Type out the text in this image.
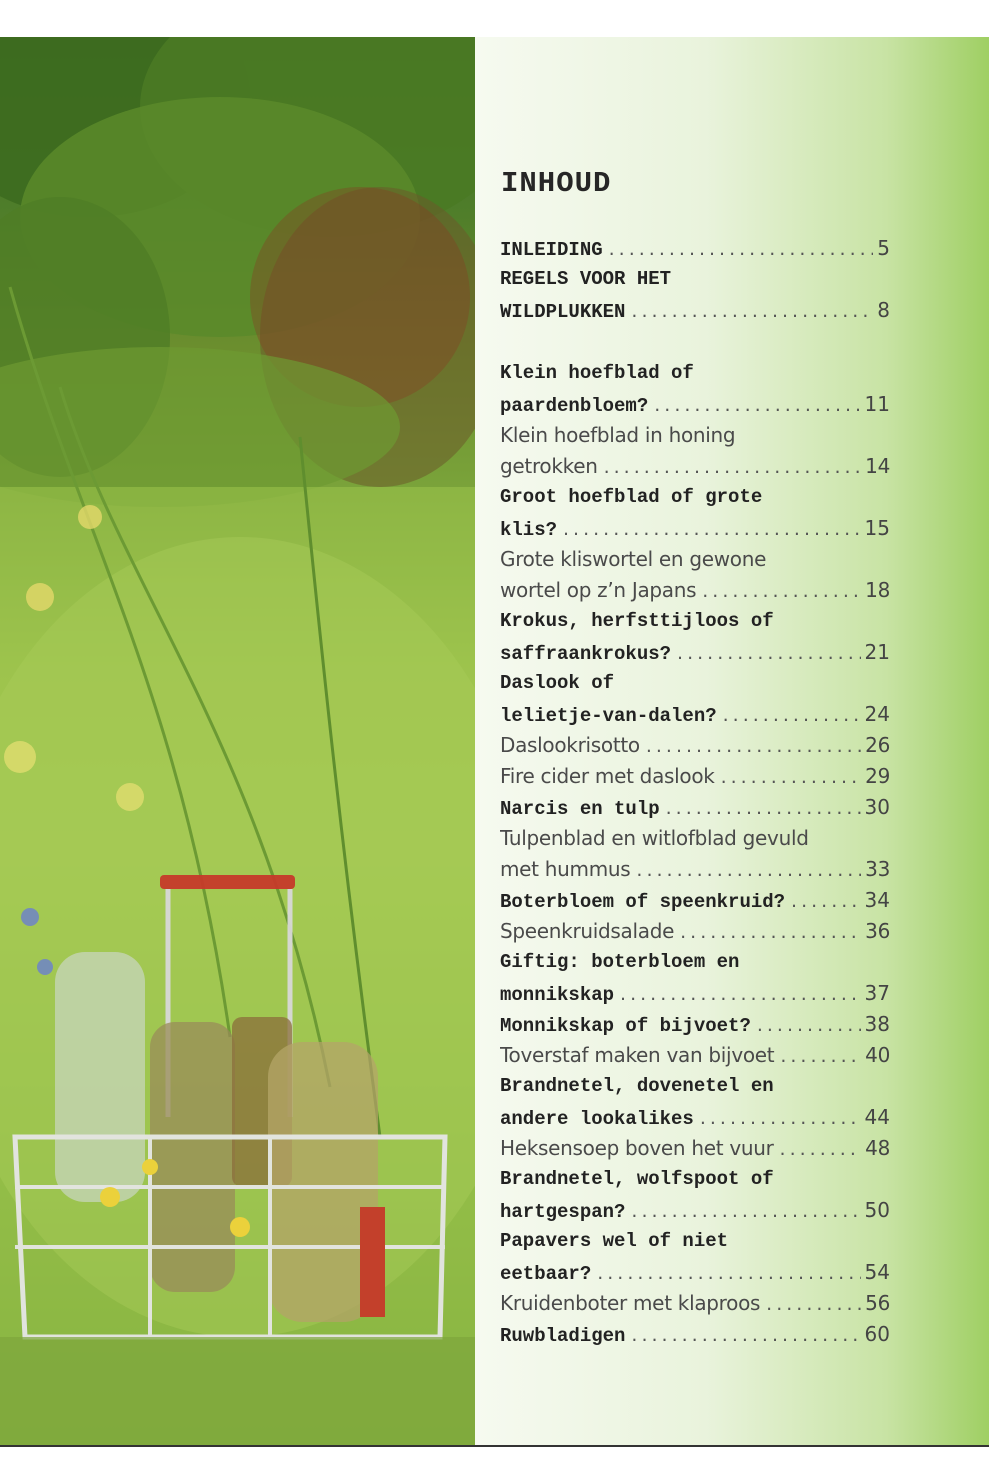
INHOUD
INLEIDING .....	5
REGELS VOOR HET
WILDPLUKKEN .....	8
Klein hoefblad of
paardenbloem? .....	11
Klein hoefblad in honing
getrokken .....	14
Groot hoefblad of grote
klis? .....	15
Grote kliswortel en gewone
wortel op z’n Japans .....	18
Krokus, herfsttijloos of
saffraankrokus? .....	21
Daslook of
lelietje-van-dalen? .....	24
Daslookrisotto .....	26
Fire cider met daslook .....	29
Narcis en tulp .....	30
Tulpenblad en witlofblad gevuld
met hummus .....	33
Boterbloem of speenkruid? .....	34
Speenkruidsalade .....	36
Giftig: boterbloem en
monnikskap .....	37
Monnikskap of bijvoet? .....	38
Toverstaf maken van bijvoet .....	40
Brandnetel, dovenetel en
andere lookalikes .....	44
Heksensoep boven het vuur .....	48
Brandnetel, wolfspoot of
hartgespan? .....	50
Papavers wel of niet
eetbaar? .....	54
Kruidenboter met klaproos .....	56
Ruwbladigen .....	60
